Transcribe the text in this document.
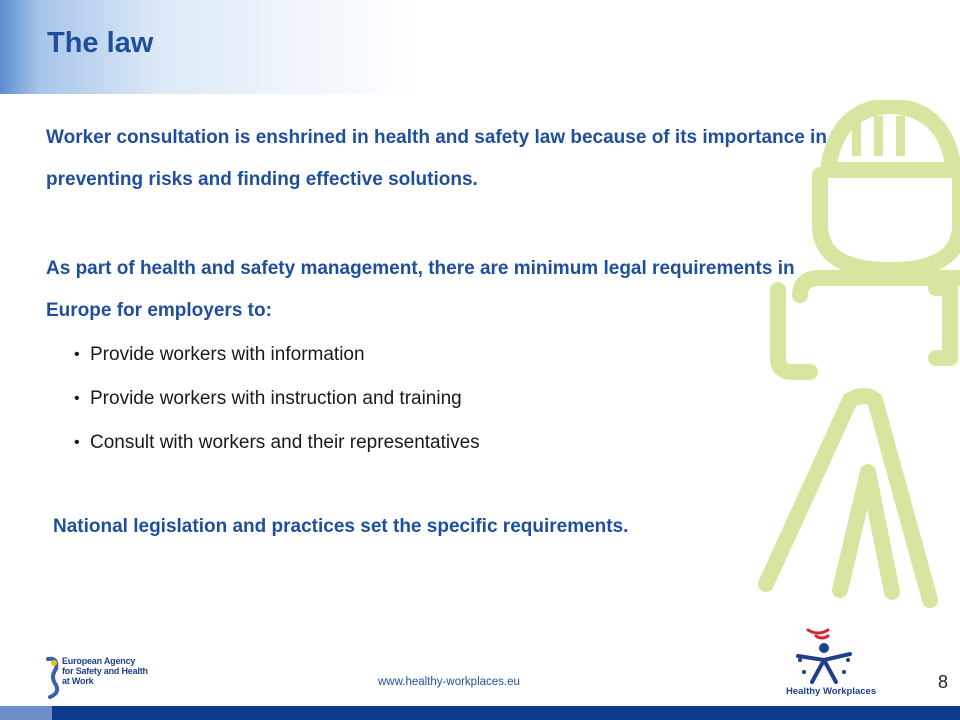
The law

Worker consultation is enshrined in health and safety law because of its importance in preventing risks and finding effective solutions.

As part of health and safety management, there are minimum legal requirements in Europe for employers to:

• Provide workers with information
• Provide workers with instruction and training
• Consult with workers and their representatives

National legislation and practices set the specific requirements.

European Agency
for Safety and Health
at Work	www.healthy-workplaces.eu
Healthy Workplaces	8
